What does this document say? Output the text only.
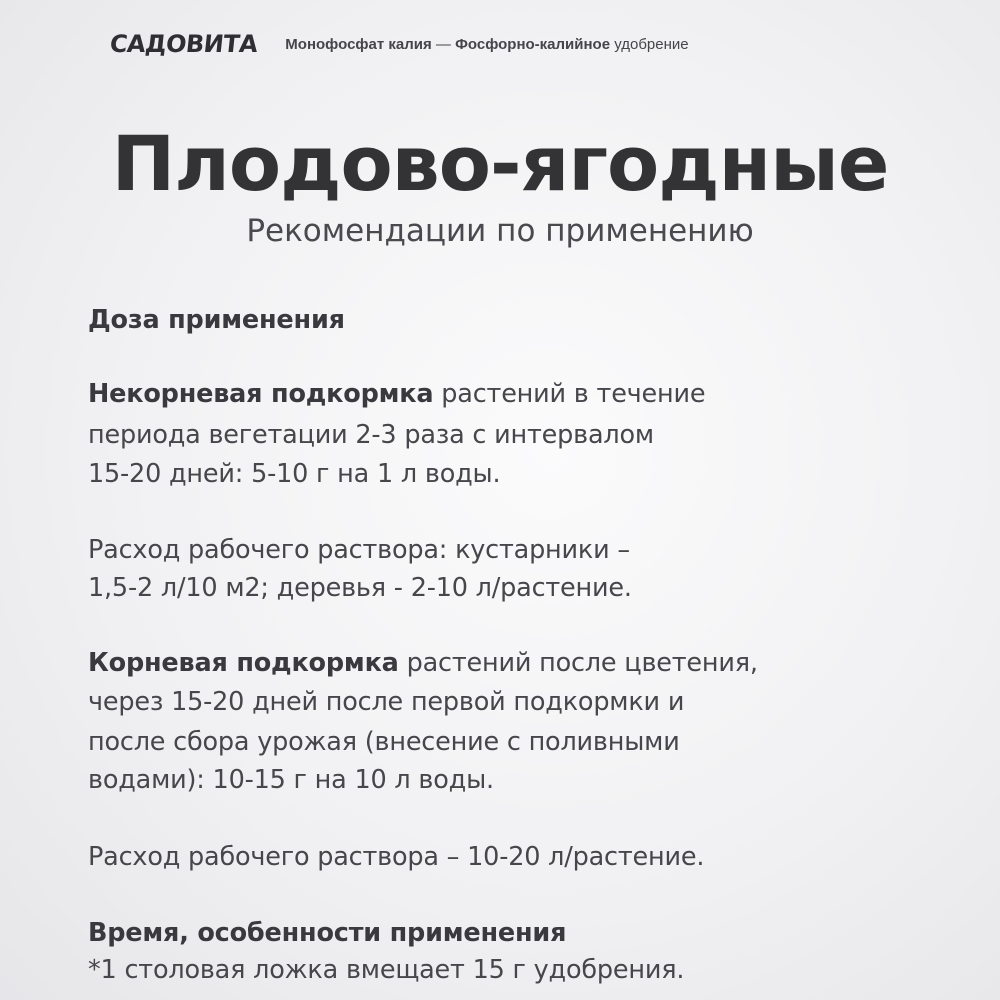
САДОВИТА Монофосфат калия — Фосфорно-калийное удобрение
Плодово-ягодные
Рекомендации по применению
Доза применения
Некорневая подкормка растений в течение
периода вегетации 2-3 раза с интервалом
15-20 дней: 5-10 г на 1 л воды.
Расход рабочего раствора: кустарники –
1,5-2 л/10 м2; деревья - 2-10 л/растение.
Корневая подкормка растений после цветения,
через 15-20 дней после первой подкормки и
после сбора урожая (внесение с поливными
водами): 10-15 г на 10 л воды.
Расход рабочего раствора – 10-20 л/растение.
Время, особенности применения
*1 столовая ложка вмещает 15 г удобрения.
